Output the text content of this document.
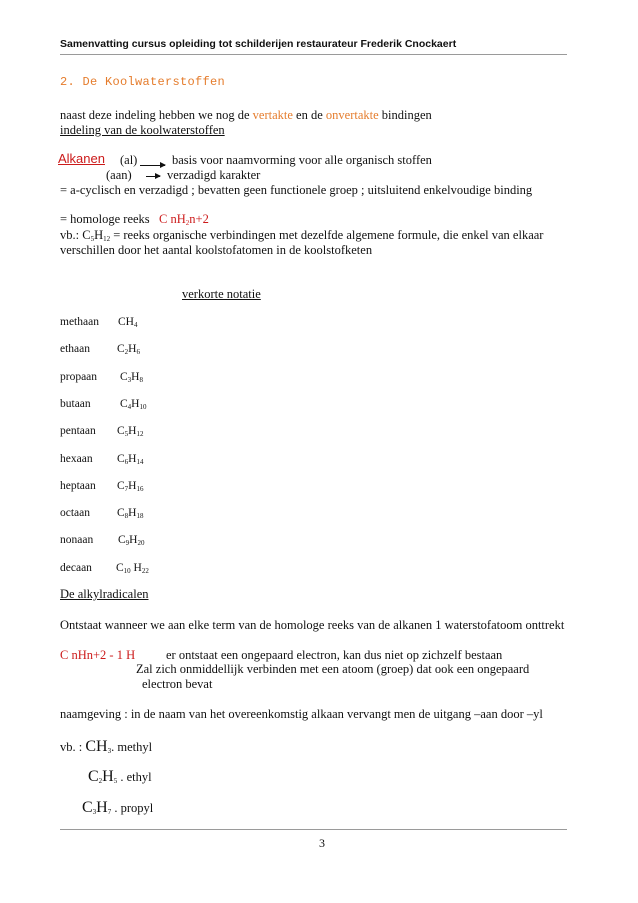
Samenvatting cursus opleiding tot schilderijen restaurateur Frederik Cnockaert
2. De Koolwaterstoffen
naast deze indeling hebben we nog de vertakte en de onvertakte bindingen
indeling van de koolwaterstoffen
Alkanen (al)	basis voor naamvorming voor alle organisch stoffen
(aan)	verzadigd karakter
= a-cyclisch en verzadigd ; bevatten geen functionele groep ; uitsluitend enkelvoudige binding
= homologe reeks C $nH_2n+2$
vb.: $C_5H_{12}$ = reeks organische verbindingen met dezelfde algemene formule, die enkel van elkaar
verschillen door het aantal koolstofatomen in de koolstofketen
verkorte notatie
methaan $CH_4$
ethaan $C_2H_6$
propaan $C_3H_8$
butaan	$C_4H_{10}$
pentaan $C_5H_{12}$
hexaan $C_6H_{14}$
heptaan $C_7H_{16}$
octaan $C_8H_{18}$
nonaan $C_9H_{20}$
decaan $C_{10}$ $H_{22}$
De alkylradicalen
Ontstaat wanneer we aan elke term van de homologe reeks van de alkanen 1 waterstofatoom onttrekt
C nHn+2 - 1 H er ontstaat een ongepaard electron, kan dus niet op zichzelf bestaan
Zal zich onmiddellijk verbinden met een atoom (groep) dat ook een ongepaard
electron bevat
naamgeving : in de naam van het overeenkomstig alkaan vervangt men de uitgang –aan door –yl
vb. : $CH_3$. methyl
$C_2H_5$ . ethyl
$C_3H_7$ . propyl
3
